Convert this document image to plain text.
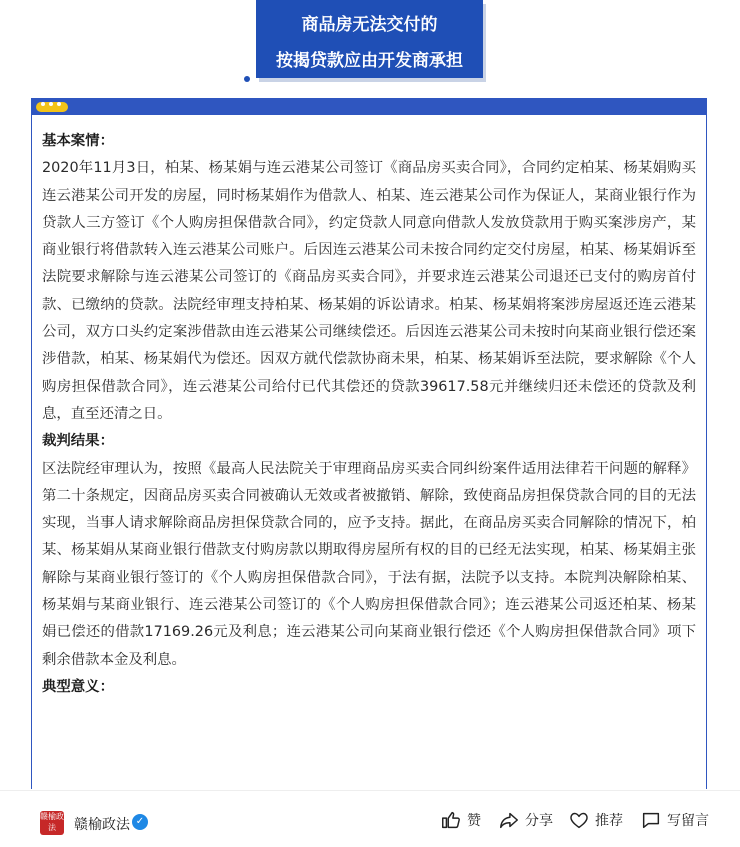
商品房无法交付的
按揭贷款应由开发商承担
基本案情：

2020年11月3日，柏某、杨某娟与连云港某公司签订《商品房买卖合同》，合同约定柏某、杨某娟购买连云港某公司开发的房屋，同时杨某娟作为借款人、柏某、连云港某公司作为保证人，某商业银行作为贷款人三方签订《个人购房担保借款合同》，约定贷款人同意向借款人发放贷款用于购买案涉房产，某商业银行将借款转入连云港某公司账户。后因连云港某公司未按合同约定交付房屋，柏某、杨某娟诉至法院要求解除与连云港某公司签订的《商品房买卖合同》，并要求连云港某公司退还已支付的购房首付款、已缴纳的贷款。法院经审理支持柏某、杨某娟的诉讼请求。柏某、杨某娟将案涉房屋返还连云港某公司，双方口头约定案涉借款由连云港某公司继续偿还。后因连云港某公司未按时向某商业银行偿还案涉借款，柏某、杨某娟代为偿还。因双方就代偿款协商未果，柏某、杨某娟诉至法院，要求解除《个人购房担保借款合同》，连云港某公司给付已代其偿还的贷款39617.58元并继续归还未偿还的贷款及利息，直至还清之日。

裁判结果：

区法院经审理认为，按照《最高人民法院关于审理商品房买卖合同纠纷案件适用法律若干问题的解释》第二十条规定，因商品房买卖合同被确认无效或者被撤销、解除，致使商品房担保贷款合同的目的无法实现，当事人请求解除商品房担保贷款合同的，应予支持。据此，在商品房买卖合同解除的情况下，柏某、杨某娟从某商业银行借款支付购房款以期取得房屋所有权的目的已经无法实现，柏某、杨某娟主张解除与某商业银行签订的《个人购房担保借款合同》，于法有据，法院予以支持。本院判决解除柏某、杨某娟与某商业银行、连云港某公司签订的《个人购房担保借款合同》；连云港某公司返还柏某、杨某娟已偿还的借款17169.26元及利息；连云港某公司向某商业银行偿还《个人购房担保借款合同》项下剩余借款本金及利息。

典型意义：
赣榆政法	赣榆政法 ✓	赞	分享	推荐	写留言
